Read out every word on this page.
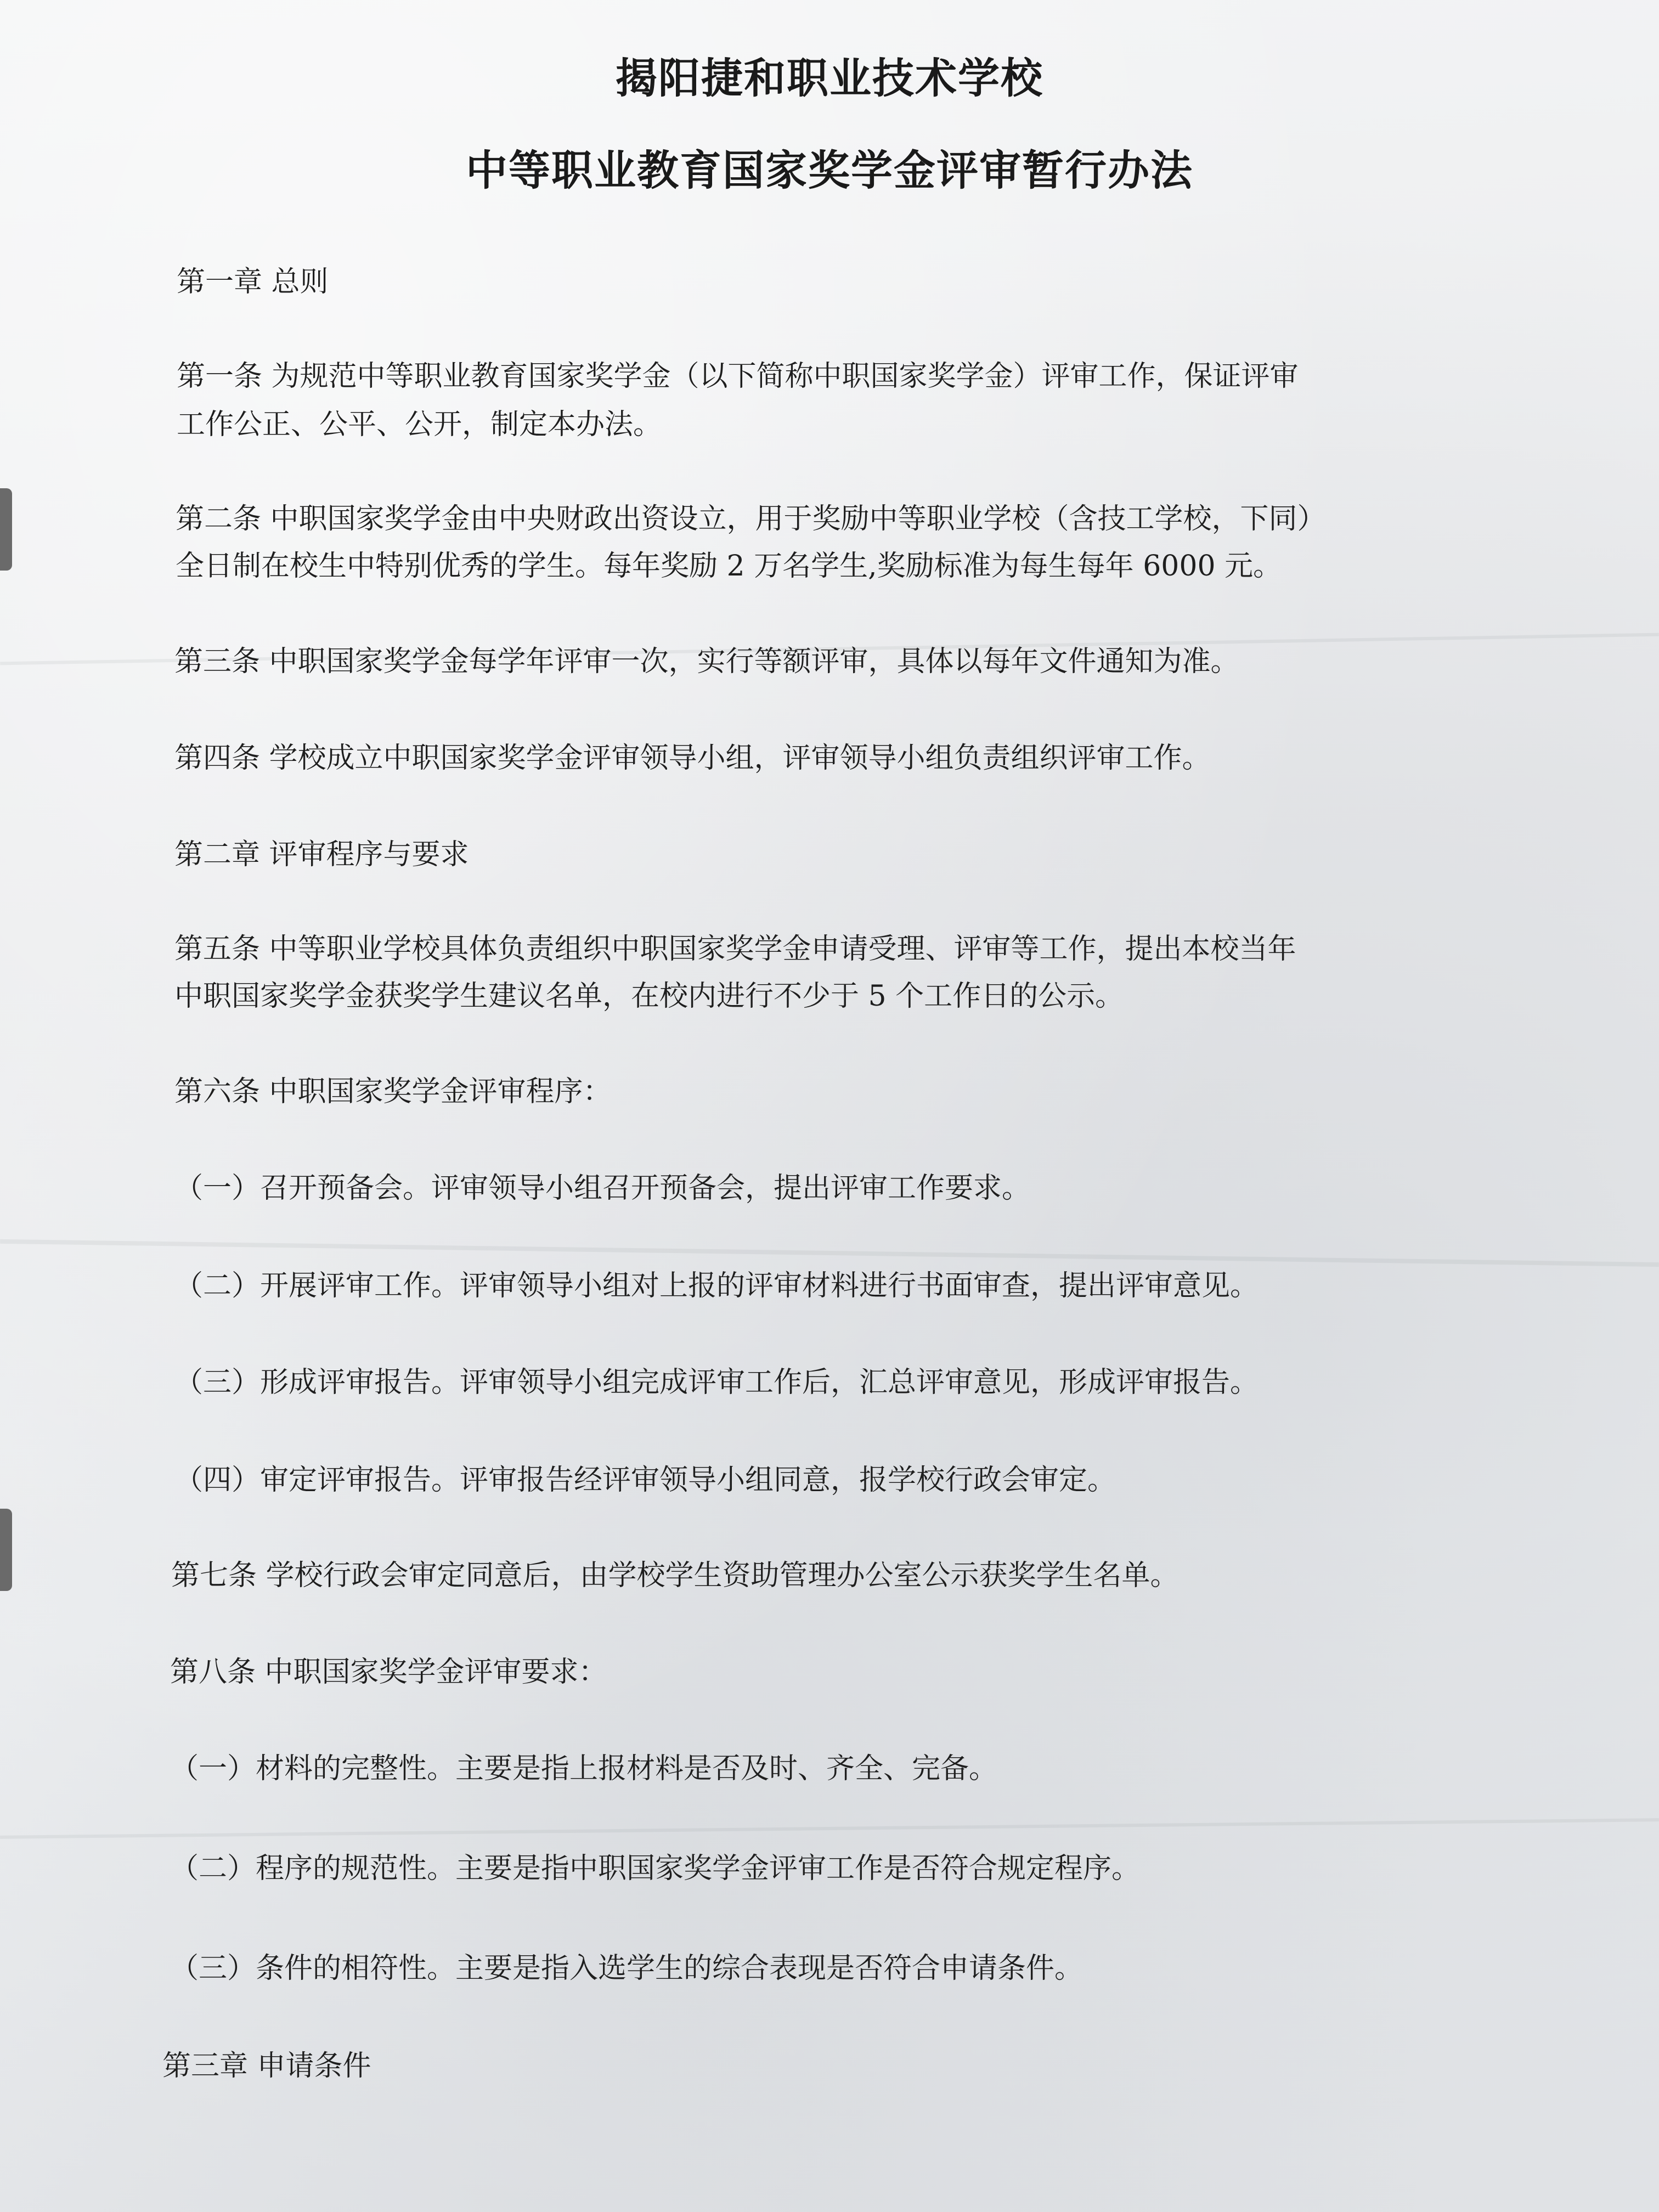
揭阳捷和职业技术学校
中等职业教育国家奖学金评审暂行办法
第一章 总则
第一条 为规范中等职业教育国家奖学金（以下简称中职国家奖学金）评审工作，保证评审
工作公正、公平、公开，制定本办法。
第二条 中职国家奖学金由中央财政出资设立，用于奖励中等职业学校（含技工学校，下同）
全日制在校生中特别优秀的学生。每年奖励 2 万名学生,奖励标准为每生每年 6000 元。
第三条 中职国家奖学金每学年评审一次，实行等额评审，具体以每年文件通知为准。
第四条 学校成立中职国家奖学金评审领导小组，评审领导小组负责组织评审工作。
第二章 评审程序与要求
第五条 中等职业学校具体负责组织中职国家奖学金申请受理、评审等工作，提出本校当年
中职国家奖学金获奖学生建议名单，在校内进行不少于 5 个工作日的公示。
第六条 中职国家奖学金评审程序：
（一）召开预备会。评审领导小组召开预备会，提出评审工作要求。
（二）开展评审工作。评审领导小组对上报的评审材料进行书面审查，提出评审意见。
（三）形成评审报告。评审领导小组完成评审工作后，汇总评审意见，形成评审报告。
（四）审定评审报告。评审报告经评审领导小组同意，报学校行政会审定。
第七条 学校行政会审定同意后，由学校学生资助管理办公室公示获奖学生名单。
第八条 中职国家奖学金评审要求：
（一）材料的完整性。主要是指上报材料是否及时、齐全、完备。
（二）程序的规范性。主要是指中职国家奖学金评审工作是否符合规定程序。
（三）条件的相符性。主要是指入选学生的综合表现是否符合申请条件。
第三章 申请条件
